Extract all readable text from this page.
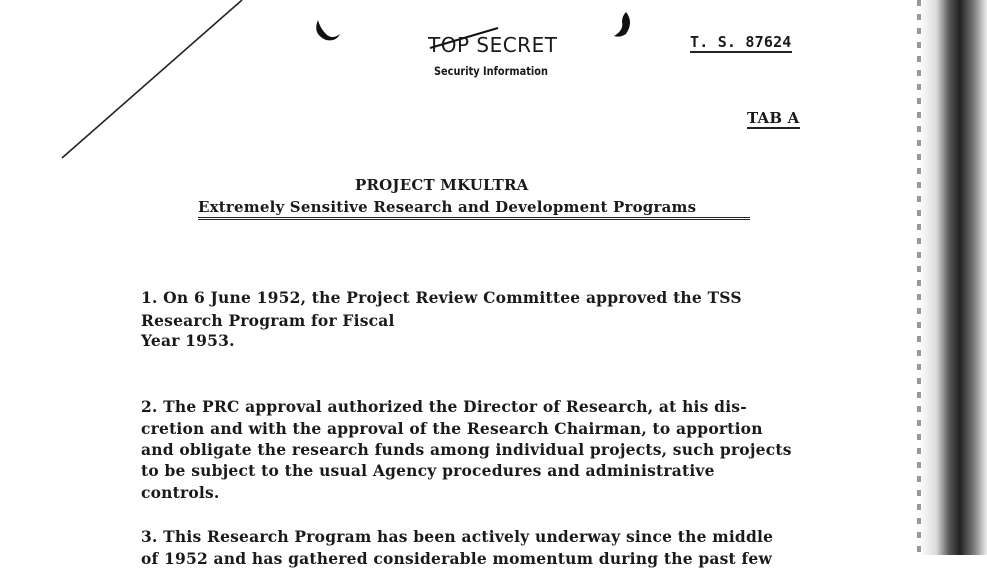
TOP SECRET
Security Information
T. S. 87624
TAB A
PROJECT MKULTRA
Extremely Sensitive Research and Development Programs
1. On 6 June 1952, the Project Review Committee approved the TSS
Research Program for Fiscal
Year 1953.
2. The PRC approval authorized the Director of Research, at his dis-
cretion and with the approval of the Research Chairman, to apportion
and obligate the research funds among individual projects, such projects
to be subject to the usual Agency procedures and administrative
controls.
3. This Research Program has been actively underway since the middle
of 1952 and has gathered considerable momentum during the past few
